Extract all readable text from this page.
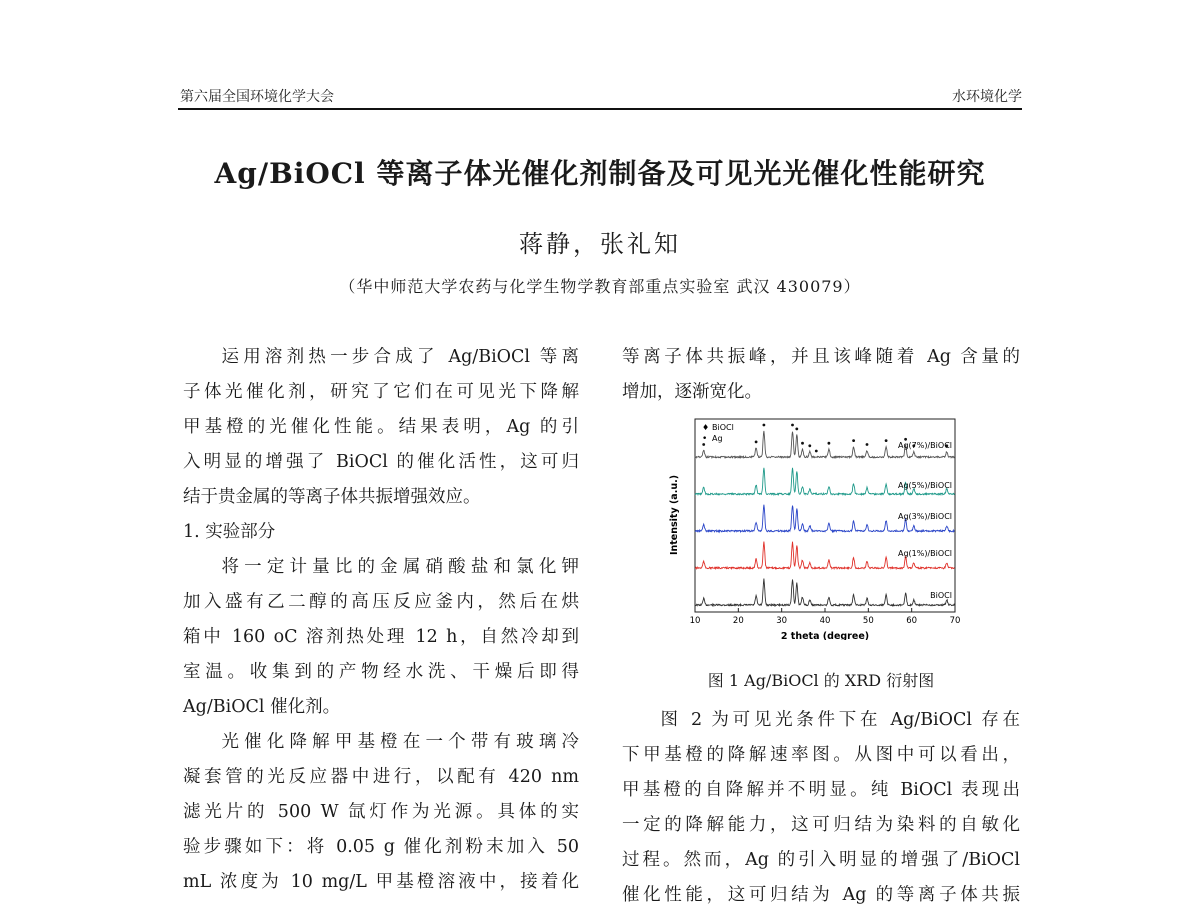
第六届全国环境化学大会	水环境化学
Ag/BiOCl 等离子体光催化剂制备及可见光光催化性能研究
蒋静，张礼知
（华中师范大学农药与化学生物学教育部重点实验室 武汉 430079）

运用溶剂热一步合成了 Ag/BiOCl 等离

子体光催化剂，研究了它们在可见光下降解

甲基橙的光催化性能。结果表明，Ag 的引

入明显的增强了 BiOCl 的催化活性，这可归

结于贵金属的等离子体共振增强效应。

1. 实验部分

将一定计量比的金属硝酸盐和氯化钾

加入盛有乙二醇的高压反应釜内，然后在烘

箱中 160 oC 溶剂热处理 12 h，自然冷却到

室温。收集到的产物经水洗、干燥后即得

Ag/BiOCl 催化剂。

光催化降解甲基橙在一个带有玻璃冷

凝套管的光反应器中进行，以配有 420 nm

滤光片的 500 W 氙灯作为光源。具体的实

验步骤如下：将 0.05 g 催化剂粉末加入 50

mL 浓度为 10 mg/L 甲基橙溶液中，接着化

等离子体共振峰，并且该峰随着 Ag 含量的

增加，逐渐宽化。

10	20	30	40	50	60	70
2 theta (degree)
Intensity (a.u.)
♦ BiOCl
• Ag
BiOCl
Ag(1%)/BiOCl
Ag(3%)/BiOCl
Ag(5%)/BiOCl
Ag(7%)/BiOCl
图 1 Ag/BiOCl 的 XRD 衍射图

图 2 为可见光条件下在 Ag/BiOCl 存在

下甲基橙的降解速率图。从图中可以看出，

甲基橙的自降解并不明显。纯 BiOCl 表现出

一定的降解能力，这可归结为染料的自敏化

过程。然而，Ag 的引入明显的增强了/BiOCl

催化性能，这可归结为 Ag 的等离子体共振
